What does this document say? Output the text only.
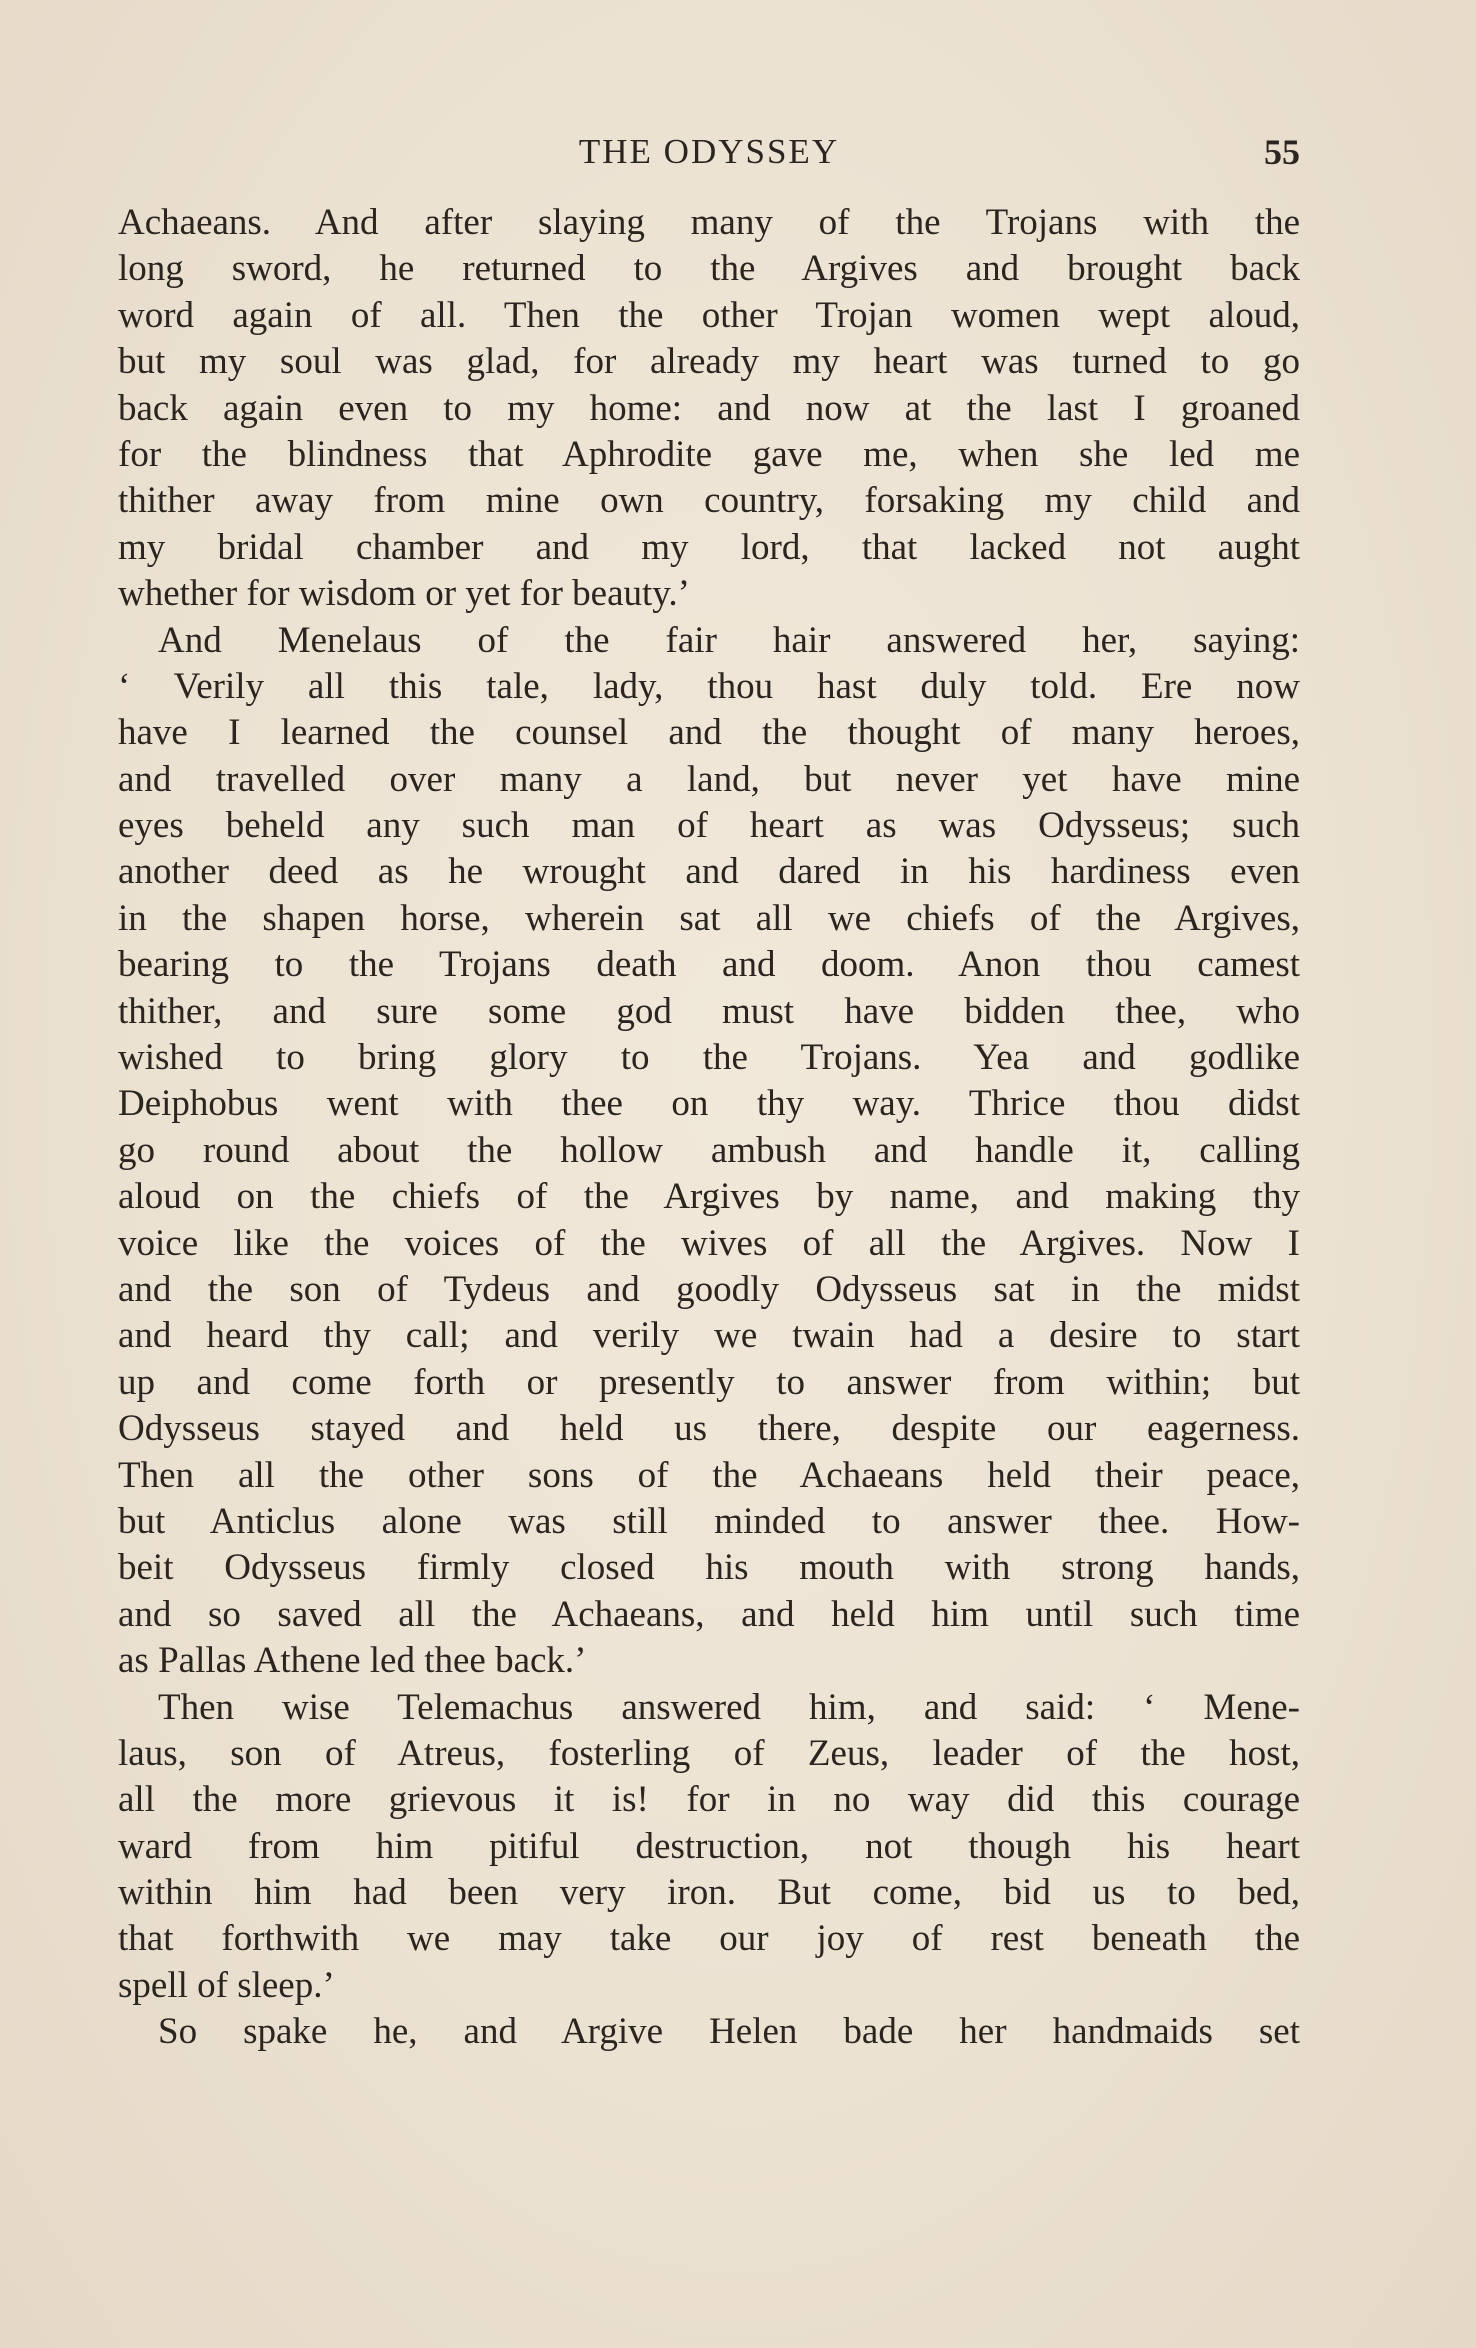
THE ODYSSEY	55
Achaeans. And after slaying many of the Trojans with the
long sword, he returned to the Argives and brought back
word again of all. Then the other Trojan women wept aloud,
but my soul was glad, for already my heart was turned to go
back again even to my home: and now at the last I groaned
for the blindness that Aphrodite gave me, when she led me
thither away from mine own country, forsaking my child and
my bridal chamber and my lord, that lacked not aught
whether for wisdom or yet for beauty.’
And Menelaus of the fair hair answered her, saying:
‘ Verily all this tale, lady, thou hast duly told. Ere now
have I learned the counsel and the thought of many heroes,
and travelled over many a land, but never yet have mine
eyes beheld any such man of heart as was Odysseus; such
another deed as he wrought and dared in his hardiness even
in the shapen horse, wherein sat all we chiefs of the Argives,
bearing to the Trojans death and doom. Anon thou camest
thither, and sure some god must have bidden thee, who
wished to bring glory to the Trojans. Yea and godlike
Deiphobus went with thee on thy way. Thrice thou didst
go round about the hollow ambush and handle it, calling
aloud on the chiefs of the Argives by name, and making thy
voice like the voices of the wives of all the Argives. Now I
and the son of Tydeus and goodly Odysseus sat in the midst
and heard thy call; and verily we twain had a desire to start
up and come forth or presently to answer from within; but
Odysseus stayed and held us there, despite our eagerness.
Then all the other sons of the Achaeans held their peace,
but Anticlus alone was still minded to answer thee. How-
beit Odysseus firmly closed his mouth with strong hands,
and so saved all the Achaeans, and held him until such time
as Pallas Athene led thee back.’
Then wise Telemachus answered him, and said: ‘ Mene-
laus, son of Atreus, fosterling of Zeus, leader of the host,
all the more grievous it is! for in no way did this courage
ward from him pitiful destruction, not though his heart
within him had been very iron. But come, bid us to bed,
that forthwith we may take our joy of rest beneath the
spell of sleep.’
So spake he, and Argive Helen bade her handmaids set
